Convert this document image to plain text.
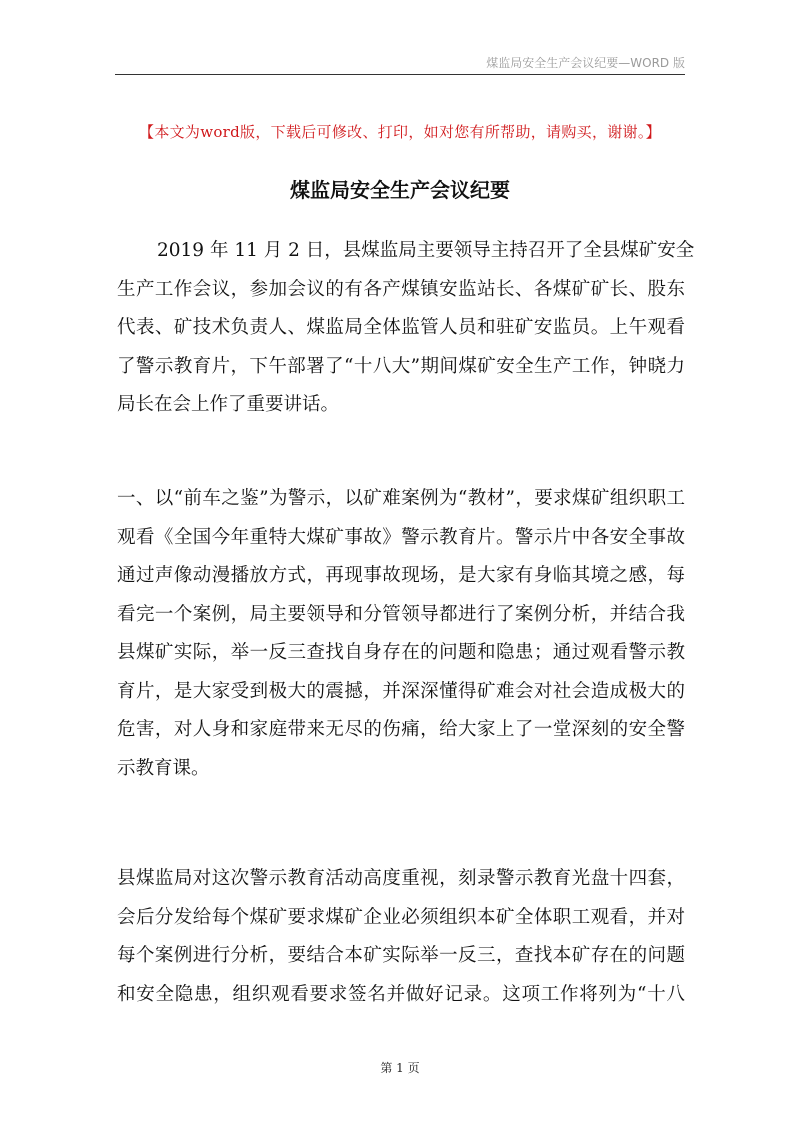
煤监局安全生产会议纪要—WORD 版
【本文为word版，下载后可修改、打印，如对您有所帮助，请购买，谢谢。】
煤监局安全生产会议纪要
2019 年 11 月 2 日，县煤监局主要领导主持召开了全县煤矿安全
生产工作会议，参加会议的有各产煤镇安监站长、各煤矿矿长、股东
代表、矿技术负责人、煤监局全体监管人员和驻矿安监员。上午观看
了警示教育片，下午部署了“十八大”期间煤矿安全生产工作，钟晓力
局长在会上作了重要讲话。
一、以“前车之鉴”为警示，以矿难案例为“教材”，要求煤矿组织职工
观看《全国今年重特大煤矿事故》警示教育片。警示片中各安全事故
通过声像动漫播放方式，再现事故现场，是大家有身临其境之感，每
看完一个案例，局主要领导和分管领导都进行了案例分析，并结合我
县煤矿实际，举一反三查找自身存在的问题和隐患；通过观看警示教
育片，是大家受到极大的震撼，并深深懂得矿难会对社会造成极大的
危害，对人身和家庭带来无尽的伤痛，给大家上了一堂深刻的安全警
示教育课。
县煤监局对这次警示教育活动高度重视，刻录警示教育光盘十四套，
会后分发给每个煤矿要求煤矿企业必须组织本矿全体职工观看，并对
每个案例进行分析，要结合本矿实际举一反三，查找本矿存在的问题
和安全隐患，组织观看要求签名并做好记录。这项工作将列为“十八
第 1 页
